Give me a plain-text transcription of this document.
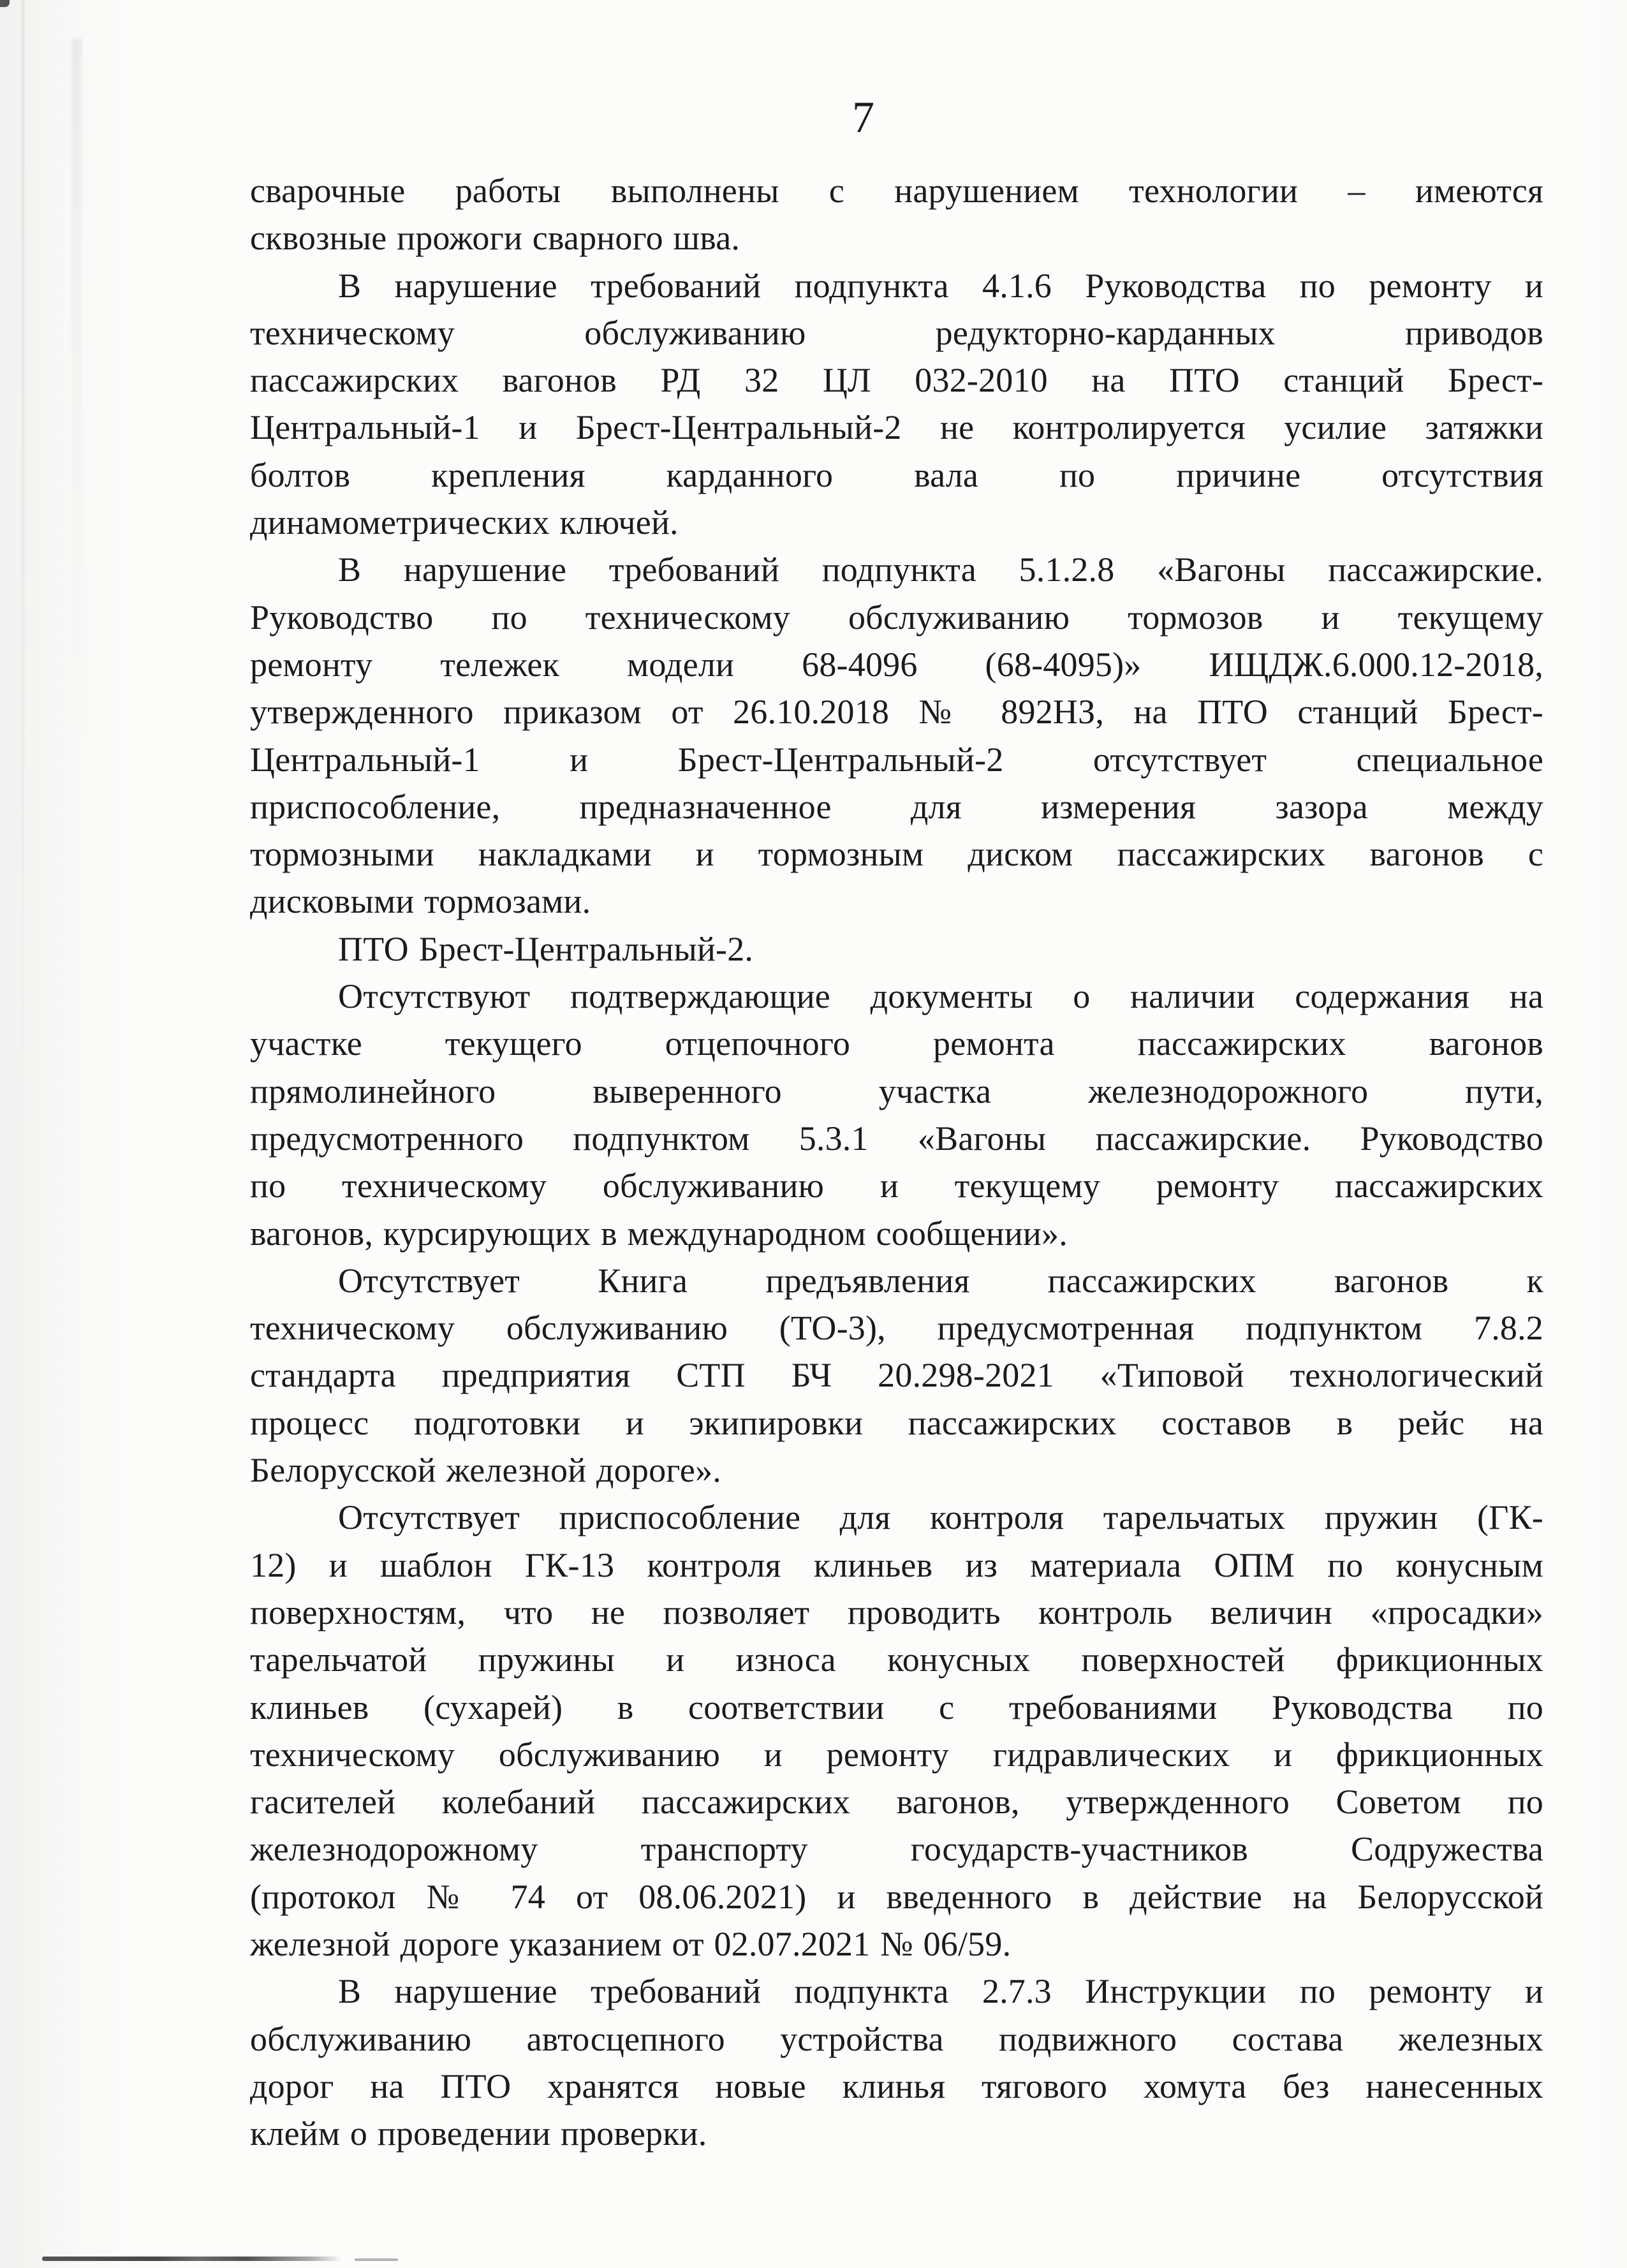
7
сварочные работы выполнены с нарушением технологии – имеются
сквозные прожоги сварного шва.
В нарушение требований подпункта 4.1.6 Руководства по ремонту и
техническому обслуживанию редукторно-карданных приводов
пассажирских вагонов РД 32 ЦЛ 032-2010 на ПТО станций Брест-
Центральный-1 и Брест-Центральный-2 не контролируется усилие затяжки
болтов крепления карданного вала по причине отсутствия
динамометрических ключей.
В нарушение требований подпункта 5.1.2.8 «Вагоны пассажирские.
Руководство по техническому обслуживанию тормозов и текущему
ремонту тележек модели 68-4096 (68-4095)» ИЩДЖ.6.000.12-2018,
утвержденного приказом от 26.10.2018 № 892НЗ, на ПТО станций Брест-
Центральный-1 и Брест-Центральный-2 отсутствует специальное
приспособление, предназначенное для измерения зазора между
тормозными накладками и тормозным диском пассажирских вагонов с
дисковыми тормозами.
ПТО Брест-Центральный-2.
Отсутствуют подтверждающие документы о наличии содержания на
участке текущего отцепочного ремонта пассажирских вагонов
прямолинейного выверенного участка железнодорожного пути,
предусмотренного подпунктом 5.3.1 «Вагоны пассажирские. Руководство
по техническому обслуживанию и текущему ремонту пассажирских
вагонов, курсирующих в международном сообщении».
Отсутствует Книга предъявления пассажирских вагонов к
техническому обслуживанию (ТО-3), предусмотренная подпунктом 7.8.2
стандарта предприятия СТП БЧ 20.298-2021 «Типовой технологический
процесс подготовки и экипировки пассажирских составов в рейс на
Белорусской железной дороге».
Отсутствует приспособление для контроля тарельчатых пружин (ГК-
12) и шаблон ГК-13 контроля клиньев из материала ОПМ по конусным
поверхностям, что не позволяет проводить контроль величин «просадки»
тарельчатой пружины и износа конусных поверхностей фрикционных
клиньев (сухарей) в соответствии с требованиями Руководства по
техническому обслуживанию и ремонту гидравлических и фрикционных
гасителей колебаний пассажирских вагонов, утвержденного Советом по
железнодорожному транспорту государств-участников Содружества
(протокол № 74 от 08.06.2021) и введенного в действие на Белорусской
железной дороге указанием от 02.07.2021 № 06/59.
В нарушение требований подпункта 2.7.3 Инструкции по ремонту и
обслуживанию автосцепного устройства подвижного состава железных
дорог на ПТО хранятся новые клинья тягового хомута без нанесенных
клейм о проведении проверки.
